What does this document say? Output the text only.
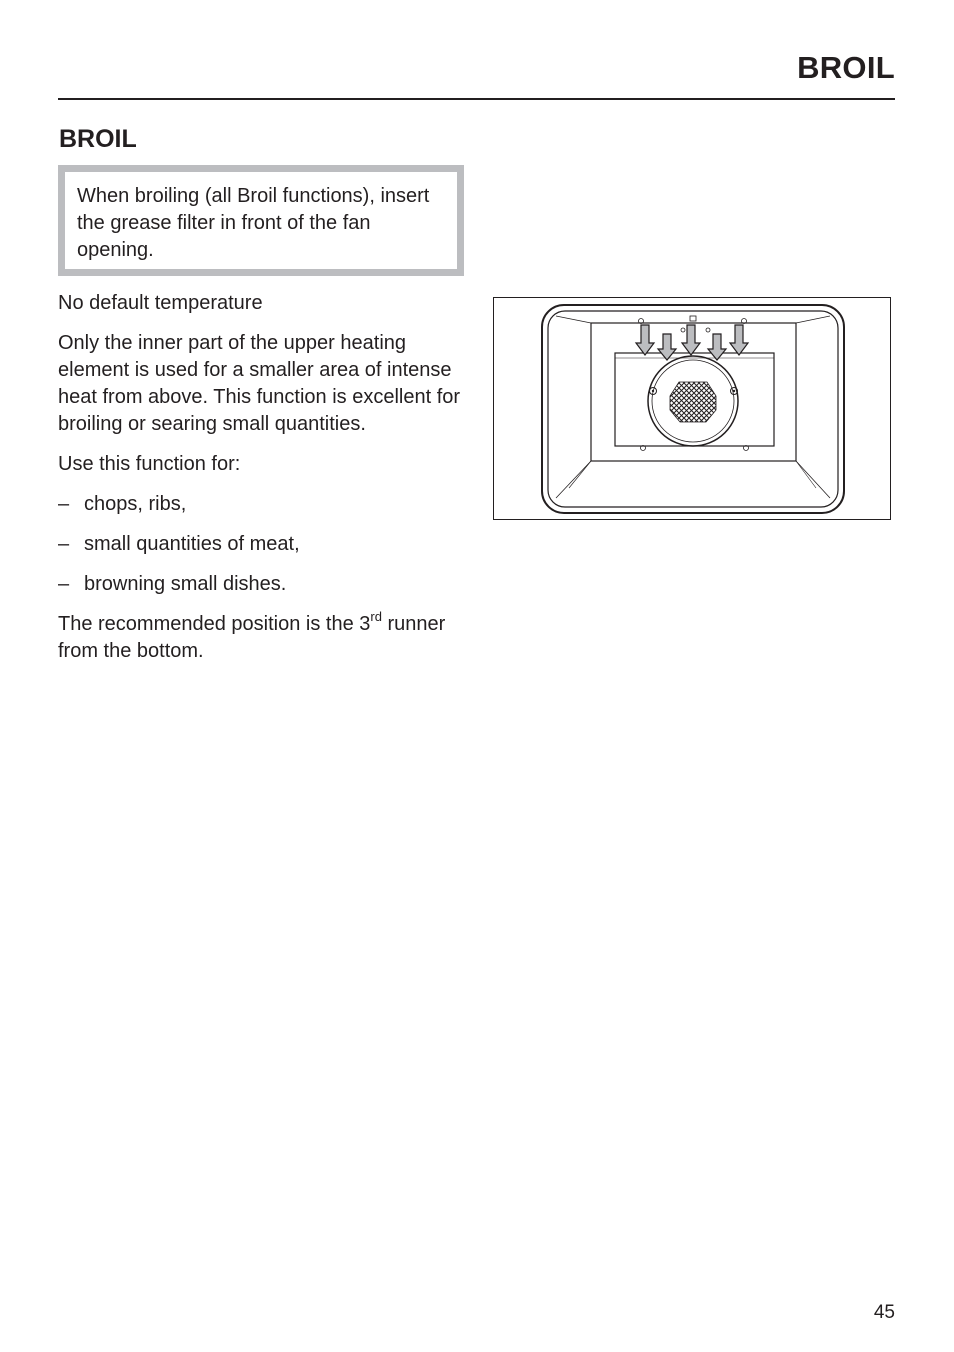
BROIL
BROIL
When broiling (all Broil functions), insert the grease filter in front of the fan opening.

No default temperature

Only the inner part of the upper heating element is used for a smaller area of intense heat from above. This function is excellent for broiling or searing small quantities.

Use this function for:

– chops, ribs,
– small quantities of meat,
– browning small dishes.

The recommended position is the 3rd runner from the bottom.

45
